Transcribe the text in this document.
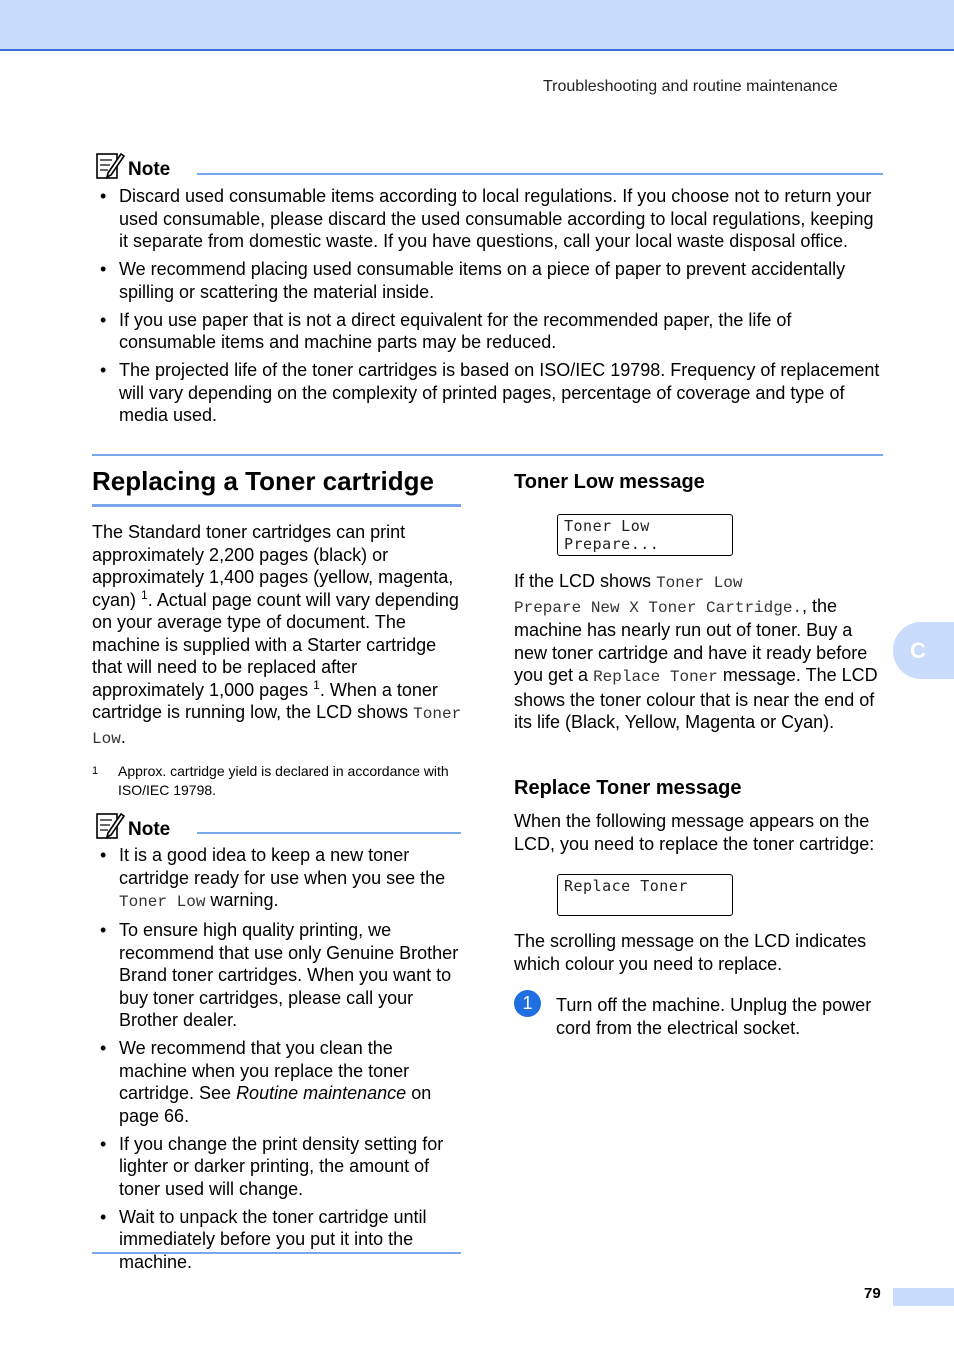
Troubleshooting and routine maintenance
C
79
Note
• Discard used consumable items according to local regulations. If you choose not to return your used consumable, please discard the used consumable according to local regulations, keeping it separate from domestic waste. If you have questions, call your local waste disposal office.
• We recommend placing used consumable items on a piece of paper to prevent accidentally spilling or scattering the material inside.
• If you use paper that is not a direct equivalent for the recommended paper, the life of consumable items and machine parts may be reduced.
• The projected life of the toner cartridges is based on ISO/IEC 19798. Frequency of replacement will vary depending on the complexity of printed pages, percentage of coverage and type of media used.
Replacing a Toner cartridge
The Standard toner cartridges can print approximately 2,200 pages (black) or approximately 1,400 pages (yellow, magenta, cyan) $^1$. Actual page count will vary depending on your average type of document. The machine is supplied with a Starter cartridge that will need to be replaced after approximately 1,000 pages $^1$. When a toner cartridge is running low, the LCD shows Toner Low.
1 Approx. cartridge yield is declared in accordance with ISO/IEC 19798.
Note
• It is a good idea to keep a new toner cartridge ready for use when you see the Toner Low warning.
• To ensure high quality printing, we recommend that use only Genuine Brother Brand toner cartridges. When you want to buy toner cartridges, please call your Brother dealer.
• We recommend that you clean the machine when you replace the toner cartridge. See Routine maintenance on page 66.
• If you change the print density setting for lighter or darker printing, the amount of toner used will change.
• Wait to unpack the toner cartridge until immediately before you put it into the machine.
Toner Low message
Toner Low
Prepare...
If the LCD shows Toner Low
Prepare New X Toner Cartridge., the machine has nearly run out of toner. Buy a new toner cartridge and have it ready before you get a Replace Toner message. The LCD shows the toner colour that is near the end of its life (Black, Yellow, Magenta or Cyan).
Replace Toner message
When the following message appears on the LCD, you need to replace the toner cartridge:
Replace Toner
The scrolling message on the LCD indicates which colour you need to replace.
1	Turn off the machine. Unplug the power cord from the electrical socket.
